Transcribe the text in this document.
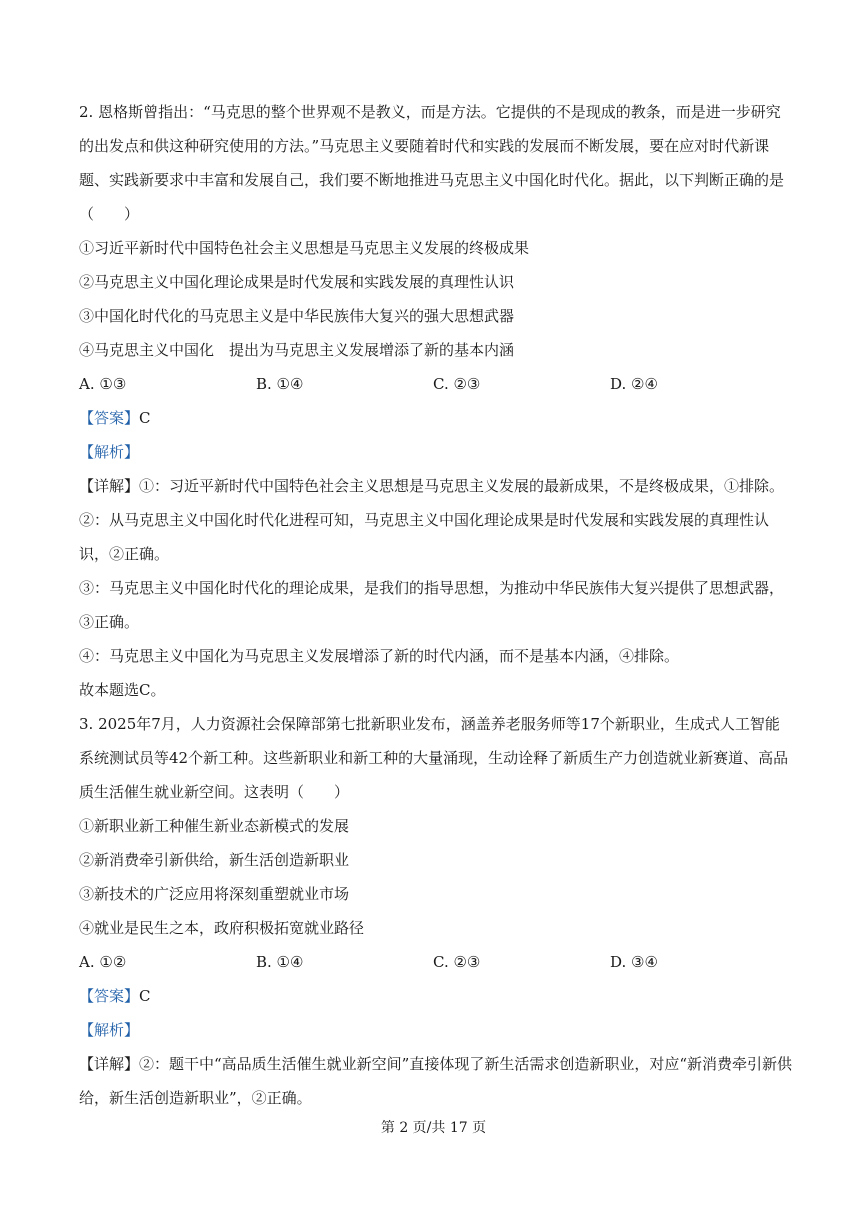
2. 恩格斯曾指出：“马克思的整个世界观不是教义，而是方法。它提供的不是现成的教条，而是进一步研究的出发点和供这种研究使用的方法。”马克思主义要随着时代和实践的发展而不断发展，要在应对时代新课题、实践新要求中丰富和发展自己，我们要不断地推进马克思主义中国化时代化。据此，以下判断正确的是（　　）

①习近平新时代中国特色社会主义思想是马克思主义发展的终极成果

②马克思主义中国化理论成果是时代发展和实践发展的真理性认识

③中国化时代化的马克思主义是中华民族伟大复兴的强大思想武器

④马克思主义中国化　提出为马克思主义发展增添了新的基本内涵

A. ①③	B. ①④	C. ②③	D. ②④

【答案】C

【解析】

【详解】①：习近平新时代中国特色社会主义思想是马克思主义发展的最新成果，不是终极成果，①排除。

②：从马克思主义中国化时代化进程可知，马克思主义中国化理论成果是时代发展和实践发展的真理性认识，②正确。

③：马克思主义中国化时代化的理论成果，是我们的指导思想，为推动中华民族伟大复兴提供了思想武器，③正确。

④：马克思主义中国化为马克思主义发展增添了新的时代内涵，而不是基本内涵，④排除。

故本题选C。

3. 2025年7月，人力资源社会保障部第七批新职业发布，涵盖养老服务师等17个新职业，生成式人工智能系统测试员等42个新工种。这些新职业和新工种的大量涌现，生动诠释了新质生产力创造就业新赛道、高品质生活催生就业新空间。这表明（　　）

①新职业新工种催生新业态新模式的发展

②新消费牵引新供给，新生活创造新职业

③新技术的广泛应用将深刻重塑就业市场

④就业是民生之本，政府积极拓宽就业路径

A. ①②	B. ①④	C. ②③	D. ③④

【答案】C

【解析】

【详解】②：题干中“高品质生活催生就业新空间”直接体现了新生活需求创造新职业，对应“新消费牵引新供给，新生活创造新职业”，②正确。

第 2 页/共 17 页
